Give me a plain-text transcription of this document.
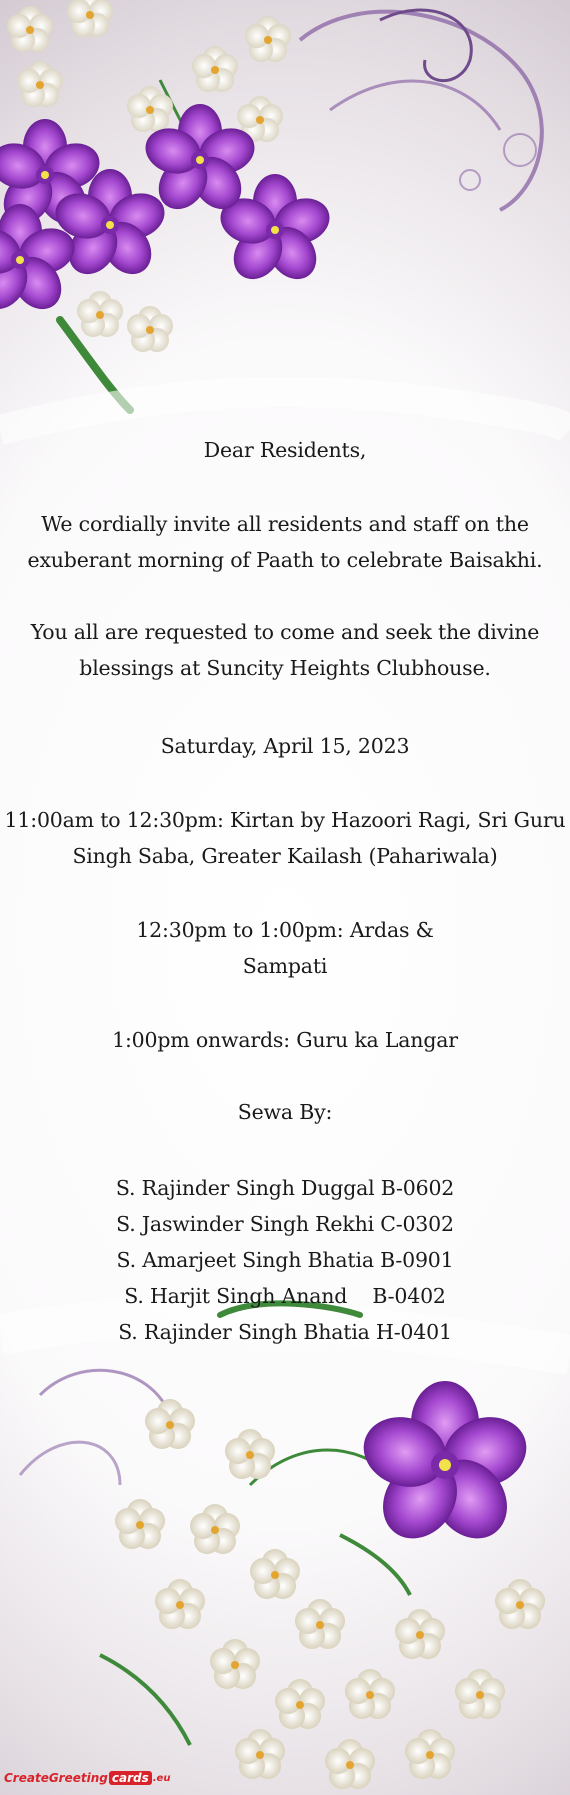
Dear Residents,
We cordially invite all residents and staff on the
exuberant morning of Paath to celebrate Baisakhi.
You all are requested to come and seek the divine
blessings at Suncity Heights Clubhouse.
Saturday, April 15, 2023
11:00am to 12:30pm: Kirtan by Hazoori Ragi, Sri Guru
Singh Saba, Greater Kailash (Pahariwala)
12:30pm to 1:00pm: Ardas &
Sampati
1:00pm onwards: Guru ka Langar
Sewa By:
S. Rajinder Singh Duggal B-0602
S. Jaswinder Singh Rekhi C-0302
S. Amarjeet Singh Bhatia B-0901
S. Harjit Singh Anand    B-0402
S. Rajinder Singh Bhatia H-0401
CreateGreeting cards .eu
